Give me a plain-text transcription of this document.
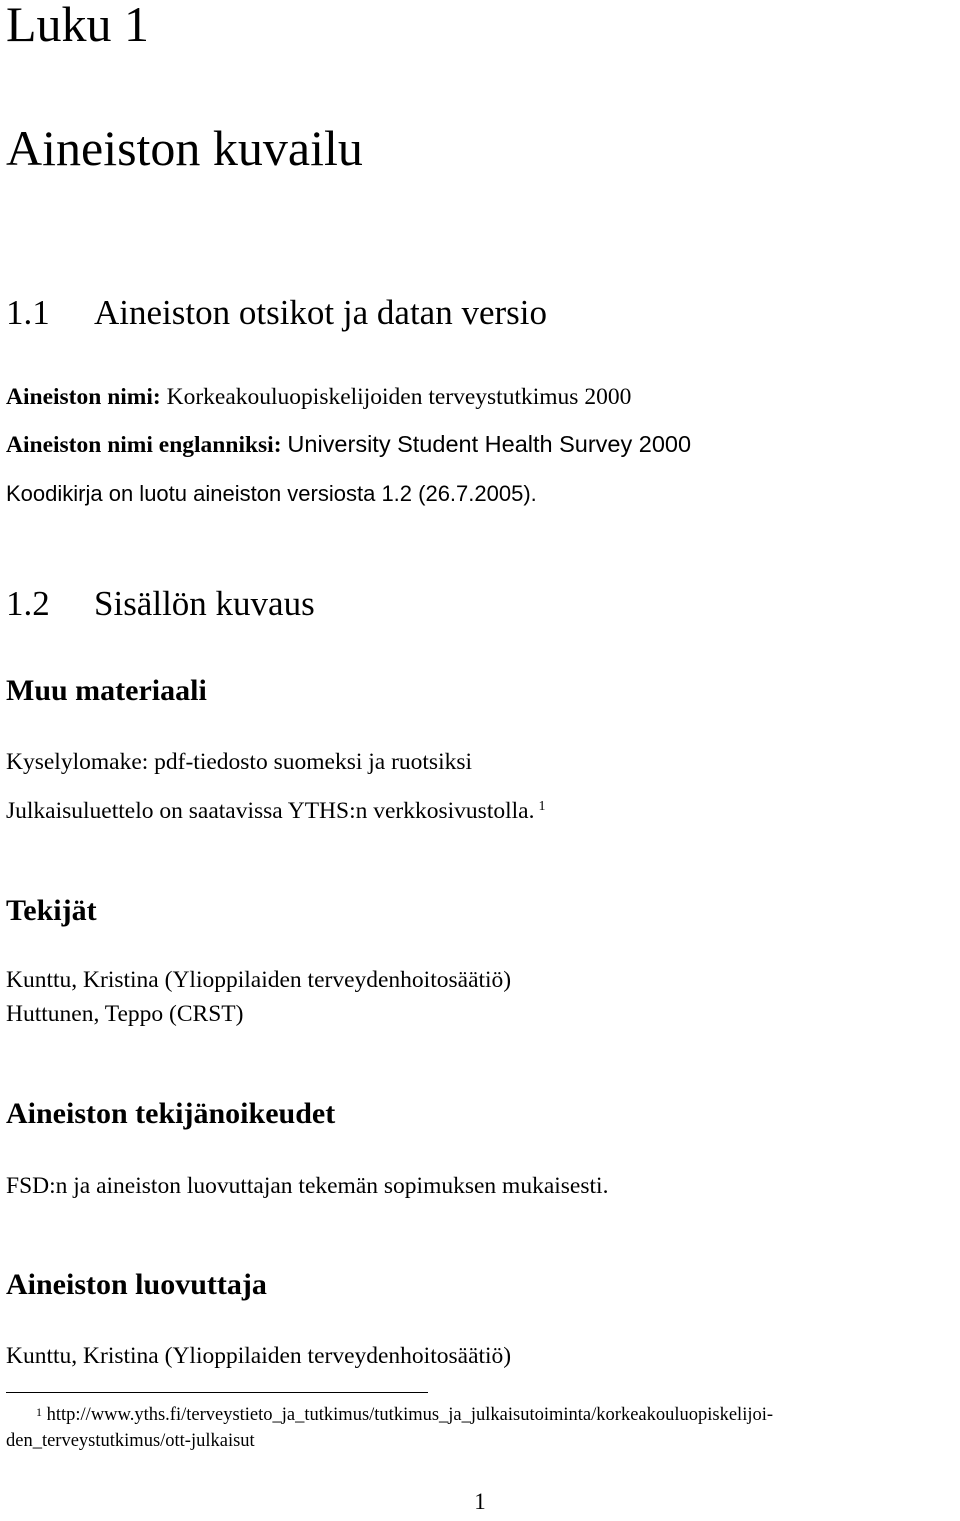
Luku 1
Aineiston kuvailu
1.1 Aineiston otsikot ja datan versio
Aineiston nimi: Korkeakouluopiskelijoiden terveystutkimus 2000
Aineiston nimi englanniksi: University Student Health Survey 2000
Koodikirja on luotu aineiston versiosta 1.2 (26.7.2005).
1.2 Sisällön kuvaus
Muu materiaali
Kyselylomake: pdf-tiedosto suomeksi ja ruotsiksi
Julkaisuluettelo on saatavissa YTHS:n verkkosivustolla. $^1$
Tekijät
Kunttu, Kristina (Ylioppilaiden terveydenhoitosäätiö)
Huttunen, Teppo (CRST)
Aineiston tekijänoikeudet
FSD:n ja aineiston luovuttajan tekemän sopimuksen mukaisesti.
Aineiston luovuttaja
Kunttu, Kristina (Ylioppilaiden terveydenhoitosäätiö)
$^1$ http://www.yths.fi/terveystieto_ja_tutkimus/tutkimus_ja_julkaisutoiminta/korkeakouluopiskelijoi-
den_terveystutkimus/ott-julkaisut
1
